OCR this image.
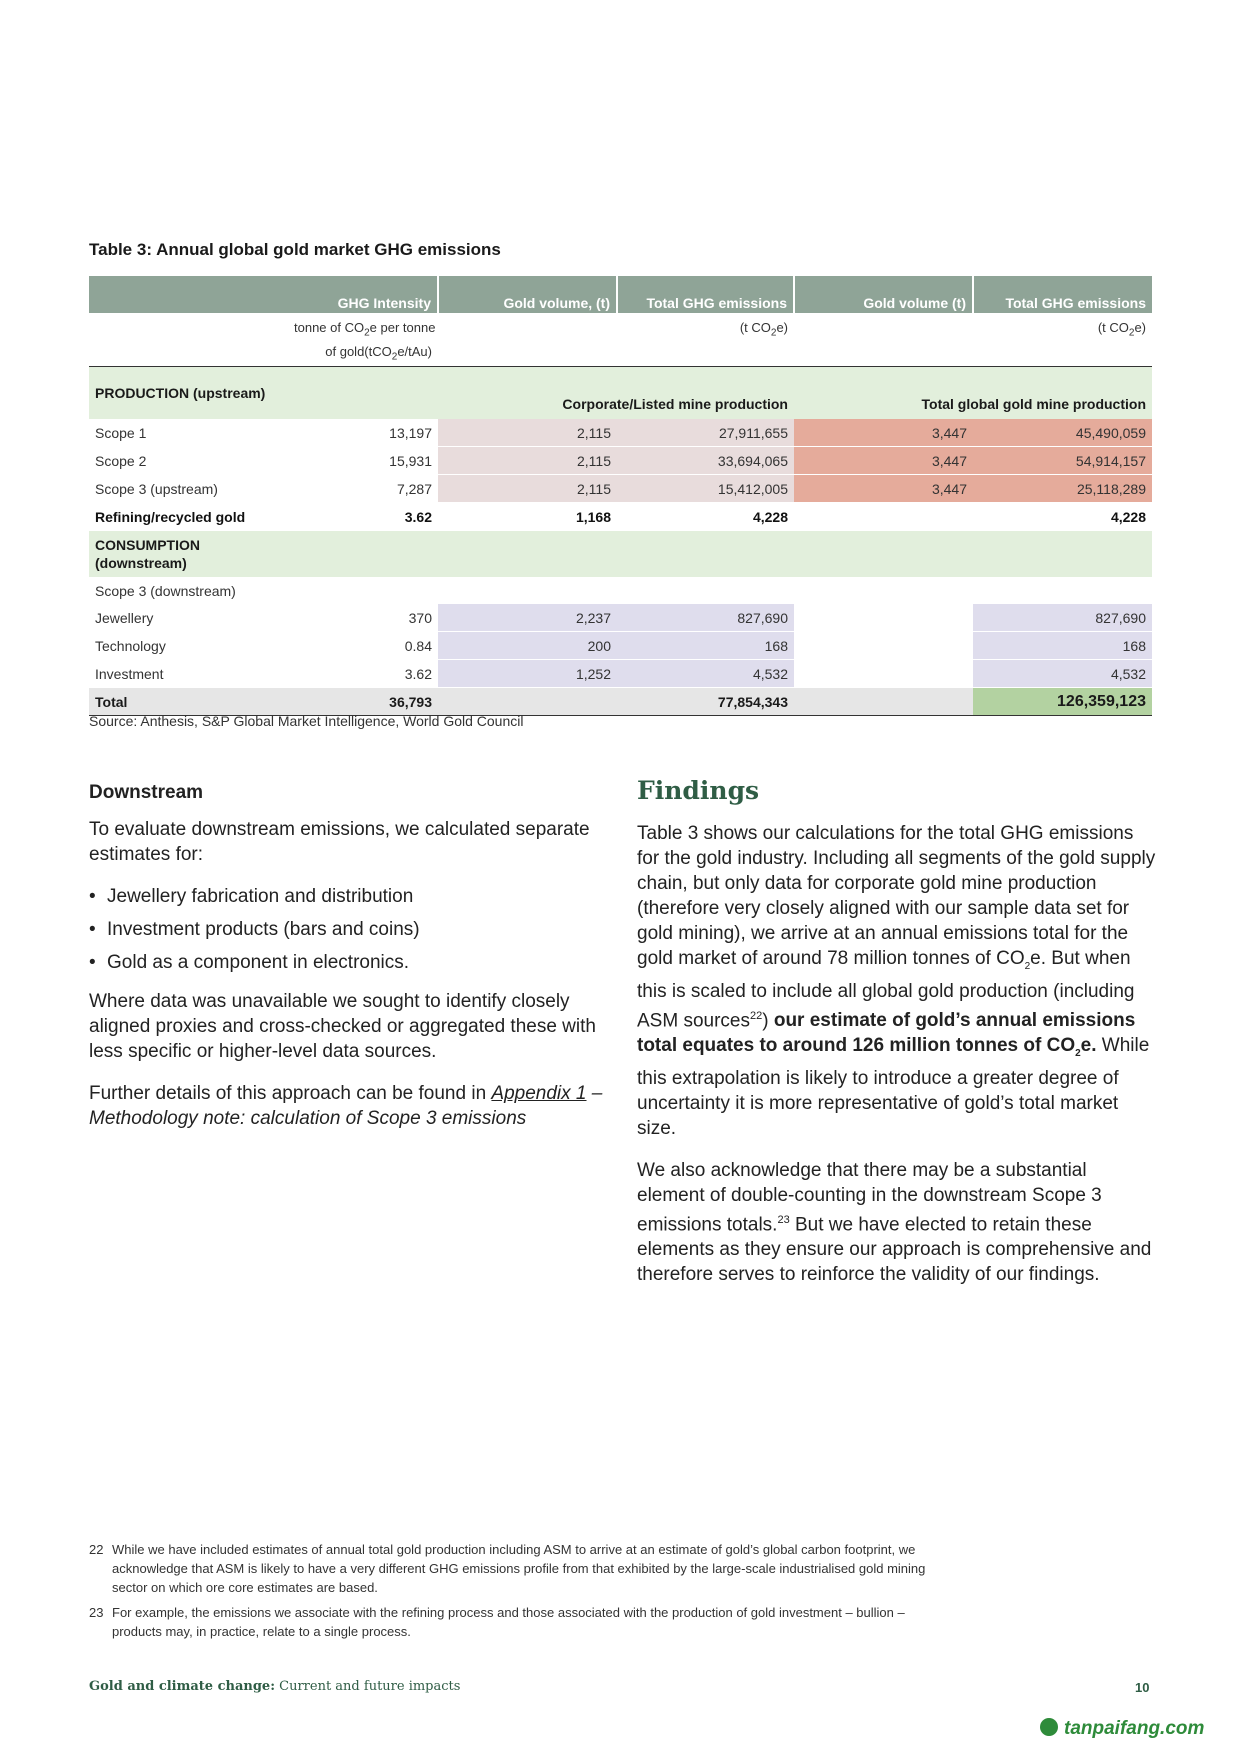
Table 3: Annual global gold market GHG emissions
	GHG Intensity	Gold volume, (t)	Total GHG emissions	Gold volume (t)	Total GHG emissions
	tonne of $CO_2e$ per tonne
of gold(tCO$_2$e/tAu)		(t $CO_2e$)		(t $CO_2e$)
PRODUCTION (upstream)		Corporate/Listed mine production		Total global gold mine production	
Scope 1	13,197	2,115	27,911,655	3,447	45,490,059
Scope 2	15,931	2,115	33,694,065	3,447	54,914,157
Scope 3 (upstream)	7,287	2,115	15,412,005	3,447	25,118,289
Refining/recycled gold	3.62	1,168	4,228		4,228
CONSUMPTION (downstream)					
Scope 3 (downstream)					
Jewellery	370	2,237	827,690		827,690
Technology	0.84	200	168		168
Investment	3.62	1,252	4,532		4,532
Total	36,793		77,854,343		126,359,123
Source: Anthesis, S&P Global Market Intelligence, World Gold Council
Downstream

To evaluate downstream emissions, we calculated separate estimates for:

• Jewellery fabrication and distribution
• Investment products (bars and coins)
• Gold as a component in electronics.

Where data was unavailable we sought to identify closely aligned proxies and cross-checked or aggregated these with less specific or higher-level data sources.

Further details of this approach can be found in Appendix 1 – Methodology note: calculation of Scope 3 emissions

Findings

Table 3 shows our calculations for the total GHG emissions for the gold industry. Including all segments of the gold supply chain, but only data for corporate gold mine production (therefore very closely aligned with our sample data set for gold mining), we arrive at an annual emissions total for the gold market of around 78 million tonnes of $CO_2e$. But when this is scaled to include all global gold production (including ASM sources$^{22}$) our estimate of gold’s annual emissions total equates to around 126 million tonnes of $CO_2e$. While this extrapolation is likely to introduce a greater degree of uncertainty it is more representative of gold’s total market size.

We also acknowledge that there may be a substantial element of double-counting in the downstream Scope 3 emissions totals.$^{23}$ But we have elected to retain these elements as they ensure our approach is comprehensive and therefore serves to reinforce the validity of our findings.

22 While we have included estimates of annual total gold production including ASM to arrive at an estimate of gold’s global carbon footprint, we acknowledge that ASM is likely to have a very different GHG emissions profile from that exhibited by the large-scale industrialised gold mining sector on which ore core estimates are based.
23 For example, the emissions we associate with the refining process and those associated with the production of gold investment – bullion – products may, in practice, relate to a single process.
Gold and climate change: Current and future impacts	10
tanpaifang.com
